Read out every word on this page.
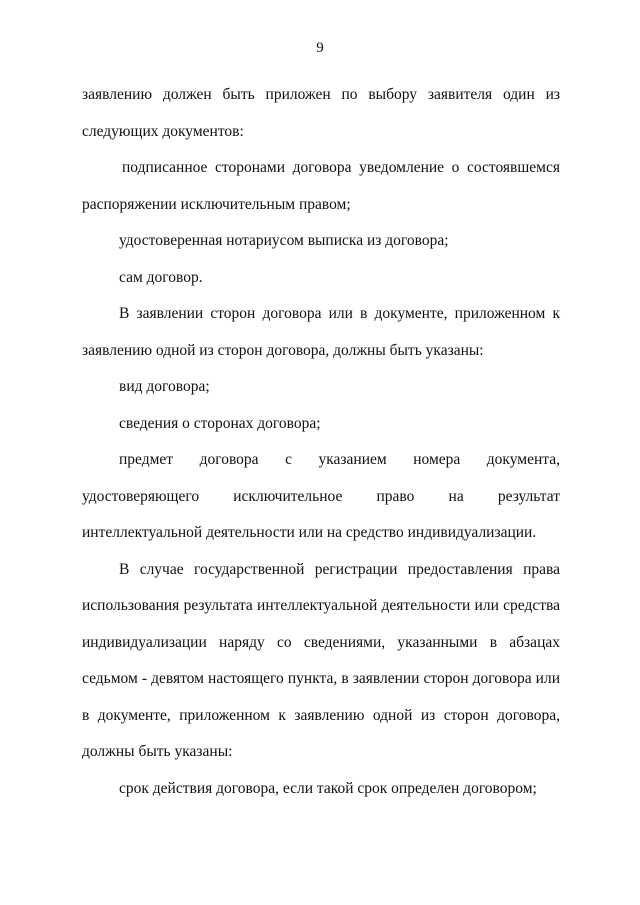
9

заявлению должен быть приложен по выбору заявителя один из следующих документов:

подписанное сторонами договора уведомление о состоявшемся распоряжении исключительным правом;

удостоверенная нотариусом выписка из договора;

сам договор.

В заявлении сторон договора или в документе, приложенном к заявлению одной из сторон договора, должны быть указаны:

вид договора;

сведения о сторонах договора;

предмет договора с указанием номера документа, удостоверяющего исключительное право на результат интеллектуальной деятельности или на средство индивидуализации.

В случае государственной регистрации предоставления права использования результата интеллектуальной деятельности или средства индивидуализации наряду со сведениями, указанными в абзацах седьмом - девятом настоящего пункта, в заявлении сторон договора или в документе, приложенном к заявлению одной из сторон договора, должны быть указаны:

срок действия договора, если такой срок определен договором;
